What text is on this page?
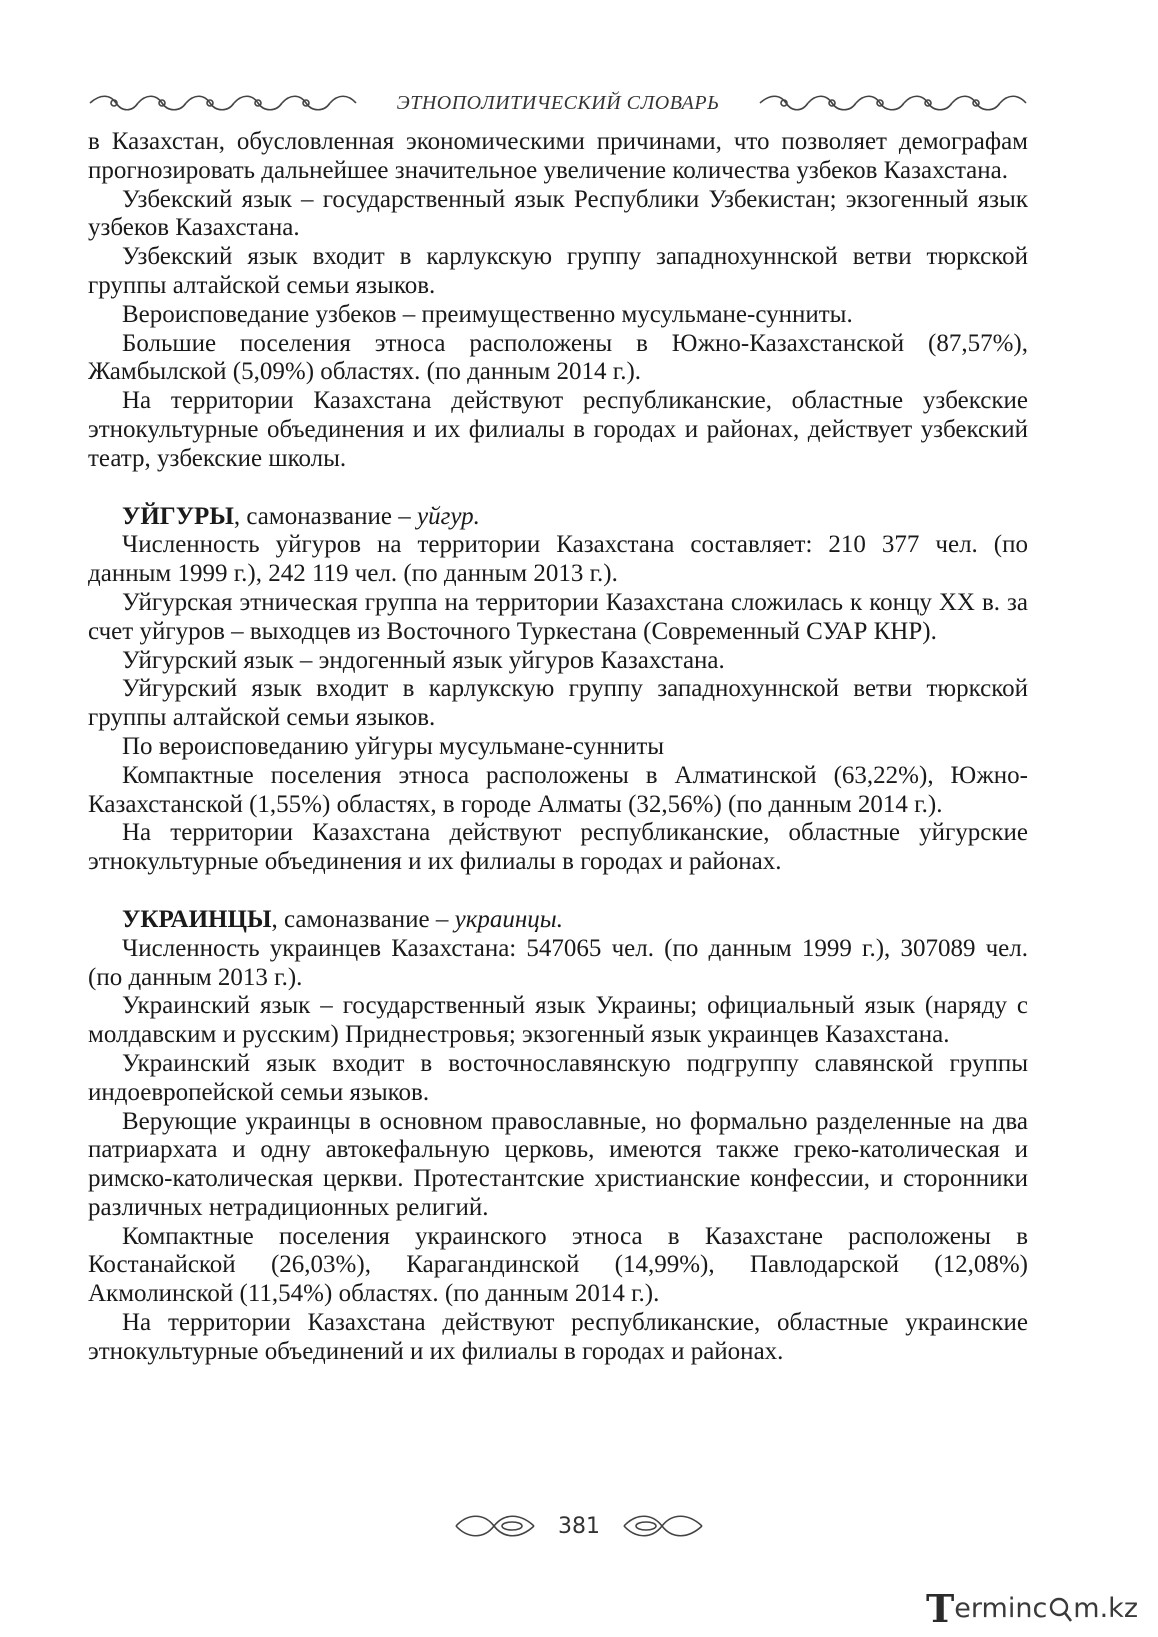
ЭТНОПОЛИТИЧЕСКИЙ СЛОВАРЬ

в Казахстан, обусловленная экономическими причинами, что позволяет демографам прогнозировать дальнейшее значительное увеличение количества узбеков Казахстана.

Узбекский язык – государственный язык Республики Узбекистан; экзогенный язык узбеков Казахстана.

Узбекский язык входит в карлукскую группу западнохуннской ветви тюркской группы алтайской семьи языков.

Вероисповедание узбеков – преимущественно мусульмане-сунниты.

Большие поселения этноса расположены в Южно-Казахстанской (87,57%), Жамбылской (5,09%) областях. (по данным 2014 г.).

На территории Казахстана действуют республиканские, областные узбекские этнокультурные объединения и их филиалы в городах и районах, действует узбекский театр, узбекские школы.

УЙГУРЫ, самоназвание – уйгур.

Численность уйгуров на территории Казахстана составляет: 210 377 чел. (по данным 1999 г.), 242 119 чел. (по данным 2013 г.).

Уйгурская этническая группа на территории Казахстана сложилась к концу XX в. за счет уйгуров – выходцев из Восточного Туркестана (Современный СУАР КНР).

Уйгурский язык – эндогенный язык уйгуров Казахстана.

Уйгурский язык входит в карлукскую группу западнохуннской ветви тюркской группы алтайской семьи языков.

По вероисповеданию уйгуры мусульмане-сунниты

Компактные поселения этноса расположены в Алматинской (63,22%), Южно-Казахстанской (1,55%) областях, в городе Алматы (32,56%) (по данным 2014 г.).

На территории Казахстана действуют республиканские, областные уйгурские этнокультурные объединения и их филиалы в городах и районах.

УКРАИНЦЫ, самоназвание – украинцы.

Численность украинцев Казахстана: 547065 чел. (по данным 1999 г.), 307089 чел. (по данным 2013 г.).

Украинский язык – государственный язык Украины; официальный язык (наряду с молдавским и русским) Приднестровья; экзогенный язык украинцев Казахстана.

Украинский язык входит в восточнославянскую подгруппу славянской группы индоевропейской семьи языков.

Верующие украинцы в основном православные, но формально разделенные на два патриархата и одну автокефальную церковь, имеются также греко-католическая и римско-католическая церкви. Протестантские христианские конфессии, и сторонники различных нетрадиционных религий.

Компактные поселения украинского этноса в Казахстане расположены в Костанайской (26,03%), Карагандинской (14,99%), Павлодарской (12,08%) Акмолинской (11,54%) областях. (по данным 2014 г.).

На территории Казахстана действуют республиканские, областные украинские этнокультурные объединений и их филиалы в городах и районах.

381
T erminc m.kz
